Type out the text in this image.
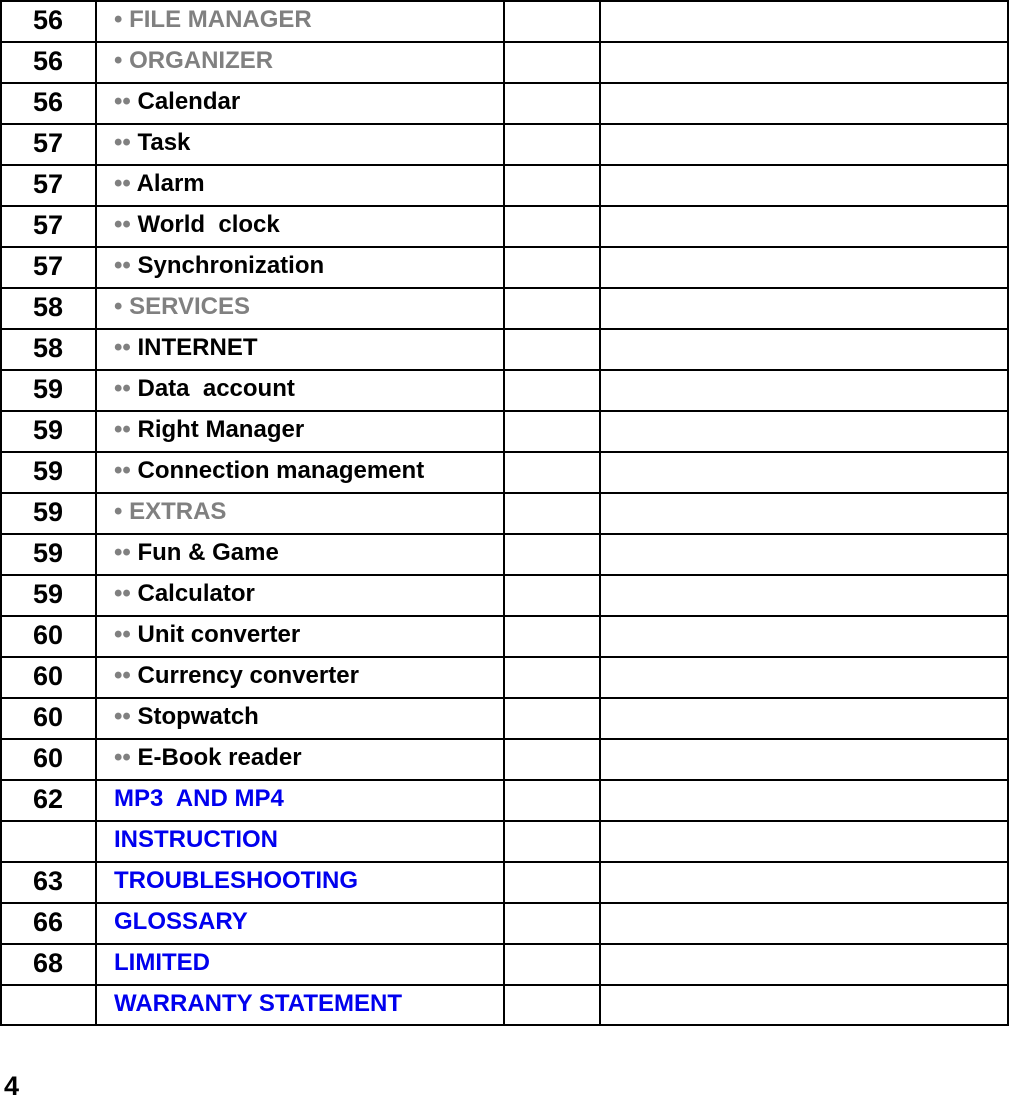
56	• FILE MANAGER
56	• ORGANIZER
56	•• Calendar
57	•• Task
57	•• Alarm
57	•• World  clock
57	•• Synchronization
58	• SERVICES
58	•• INTERNET
59	•• Data  account
59	•• Right Manager
59	•• Connection management
59	• EXTRAS
59	•• Fun & Game
59	•• Calculator
60	•• Unit converter
60	•• Currency converter
60	•• Stopwatch
60	•• E-Book reader
62	MP3  AND MP4
INSTRUCTION
63	TROUBLESHOOTING
66	GLOSSARY
68	LIMITED
WARRANTY STATEMENT
4
